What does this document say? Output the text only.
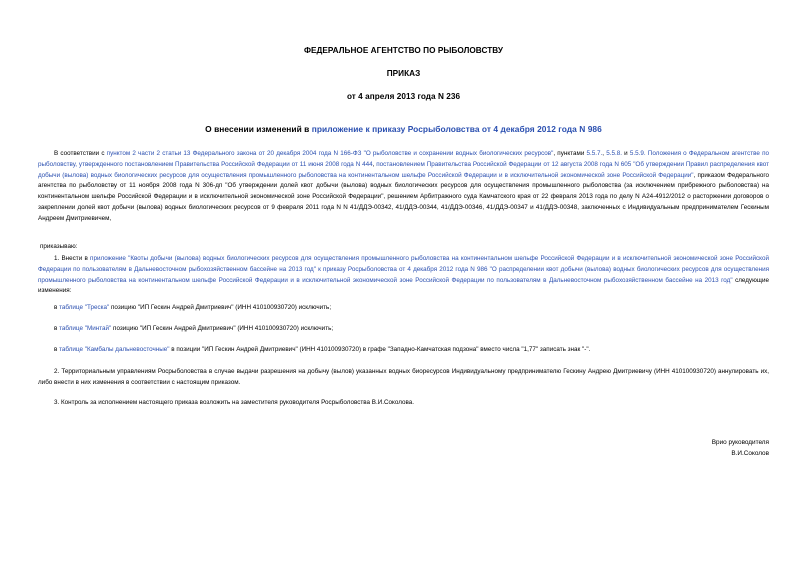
ФЕДЕРАЛЬНОЕ АГЕНТСТВО ПО РЫБОЛОВСТВУ
ПРИКАЗ
от 4 апреля 2013 года N 236
О внесении изменений в приложение к приказу Росрыболовства от 4 декабря 2012 года N 986

В соответствии с пунктом 2 части 2 статьи 13 Федерального закона от 20 декабря 2004 года N 166-ФЗ "О рыболовстве и сохранении водных биологических ресурсов", пунктами 5.5.7., 5.5.8. и 5.5.9. Положения о Федеральном агентстве по рыболовству, утвержденного постановлением Правительства Российской Федерации от 11 июня 2008 года N 444, постановлением Правительства Российской Федерации от 12 августа 2008 года N 605 "Об утверждении Правил распределения квот добычи (вылова) водных биологических ресурсов для осуществления промышленного рыболовства на континентальном шельфе Российской Федерации и в исключительной экономической зоне Российской Федерации", приказом Федерального агентства по рыболовству от 11 ноября 2008 года N 306-дп "Об утверждении долей квот добычи (вылова) водных биологических ресурсов для осуществления промышленного рыболовства (за исключением прибрежного рыболовства) на континентальном шельфе Российской Федерации и в исключительной экономической зоне Российской Федерации", решением Арбитражного суда Камчатского края от 22 февраля 2013 года по делу N А24-4912/2012 о расторжении договоров о закреплении долей квот добычи (вылова) водных биологических ресурсов от 9 февраля 2011 года N N 41/ДДЭ-00342, 41/ДДЭ-00344, 41/ДДЭ-00346, 41/ДДЭ-00347 и 41/ДДЭ-00348, заключенных с Индивидуальным предпринимателем Гескиным Андреем Дмитриевичем,

приказываю:

1. Внести в приложение "Квоты добычи (вылова) водных биологических ресурсов для осуществления промышленного рыболовства на континентальном шельфе Российской Федерации и в исключительной экономической зоне Российской Федерации по пользователям в Дальневосточном рыбохозяйственном бассейне на 2013 год" к приказу Росрыболовства от 4 декабря 2012 года N 986 "О распределении квот добычи (вылова) водных биологических ресурсов для осуществления промышленного рыболовства на континентальном шельфе Российской Федерации и в исключительной экономической зоне Российской Федерации по пользователям в Дальневосточном рыбохозяйственном бассейне на 2013 год" следующие изменения:

в таблице "Треска" позицию "ИП Гескин Андрей Дмитриевич" (ИНН 410100930720) исключить;
в таблице "Минтай" позицию "ИП Гескин Андрей Дмитриевич" (ИНН 410100930720) исключить;
в таблице "Камбалы дальневосточные" в позиции "ИП Гескин Андрей Дмитриевич" (ИНН 410100930720) в графе "Западно-Камчатская подзона" вместо числа "1,77" записать знак "-".

2. Территориальным управлениям Росрыболовства в случае выдачи разрешения на добычу (вылов) указанных водных биоресурсов Индивидуальному предпринимателю Гескину Андрею Дмитриевичу (ИНН 410100930720) аннулировать их, либо внести в них изменения в соответствии с настоящим приказом.

3. Контроль за исполнением настоящего приказа возложить на заместителя руководителя Росрыболовства В.И.Соколова.

Врио руководителя
В.И.Соколов
